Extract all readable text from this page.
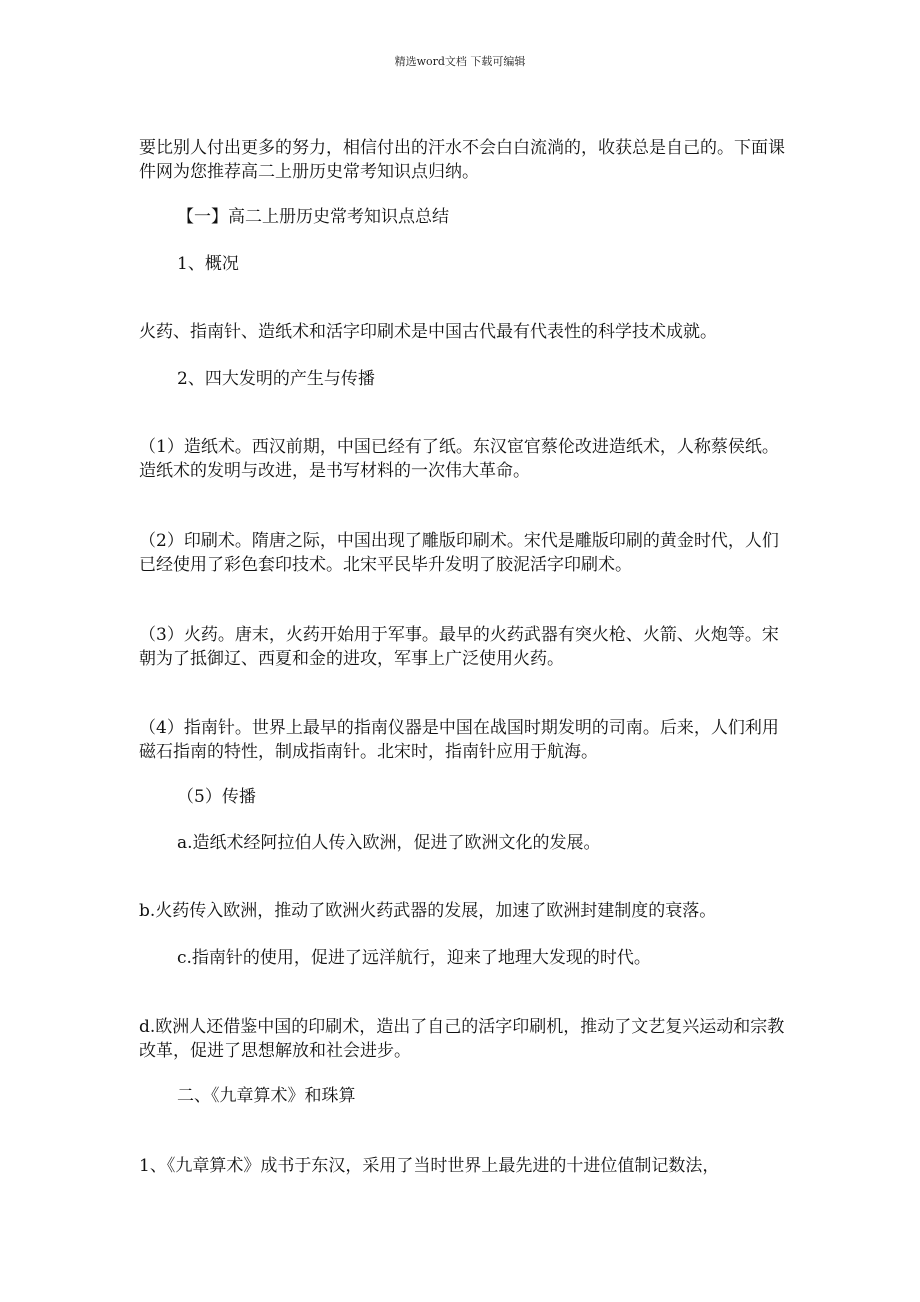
精选word文档 下载可编辑

要比别人付出更多的努力，相信付出的汗水不会白白流淌的，收获总是自己的。下面课件网为您推荐高二上册历史常考知识点归纳。

【一】高二上册历史常考知识点总结

1、概况

火药、指南针、造纸术和活字印刷术是中国古代最有代表性的科学技术成就。

2、四大发明的产生与传播

（1）造纸术。西汉前期，中国已经有了纸。东汉宦官蔡伦改进造纸术，人称蔡侯纸。造纸术的发明与改进，是书写材料的一次伟大革命。

（2）印刷术。隋唐之际，中国出现了雕版印刷术。宋代是雕版印刷的黄金时代，人们已经使用了彩色套印技术。北宋平民毕升发明了胶泥活字印刷术。

（3）火药。唐末，火药开始用于军事。最早的火药武器有突火枪、火箭、火炮等。宋朝为了抵御辽、西夏和金的进攻，军事上广泛使用火药。

（4）指南针。世界上最早的指南仪器是中国在战国时期发明的司南。后来，人们利用磁石指南的特性，制成指南针。北宋时，指南针应用于航海。

（5）传播

a.造纸术经阿拉伯人传入欧洲，促进了欧洲文化的发展。

b.火药传入欧洲，推动了欧洲火药武器的发展，加速了欧洲封建制度的衰落。

c.指南针的使用，促进了远洋航行，迎来了地理大发现的时代。

d.欧洲人还借鉴中国的印刷术，造出了自己的活字印刷机，推动了文艺复兴运动和宗教改革，促进了思想解放和社会进步。

二、《九章算术》和珠算

1、《九章算术》成书于东汉，采用了当时世界上最先进的十进位值制记数法，
